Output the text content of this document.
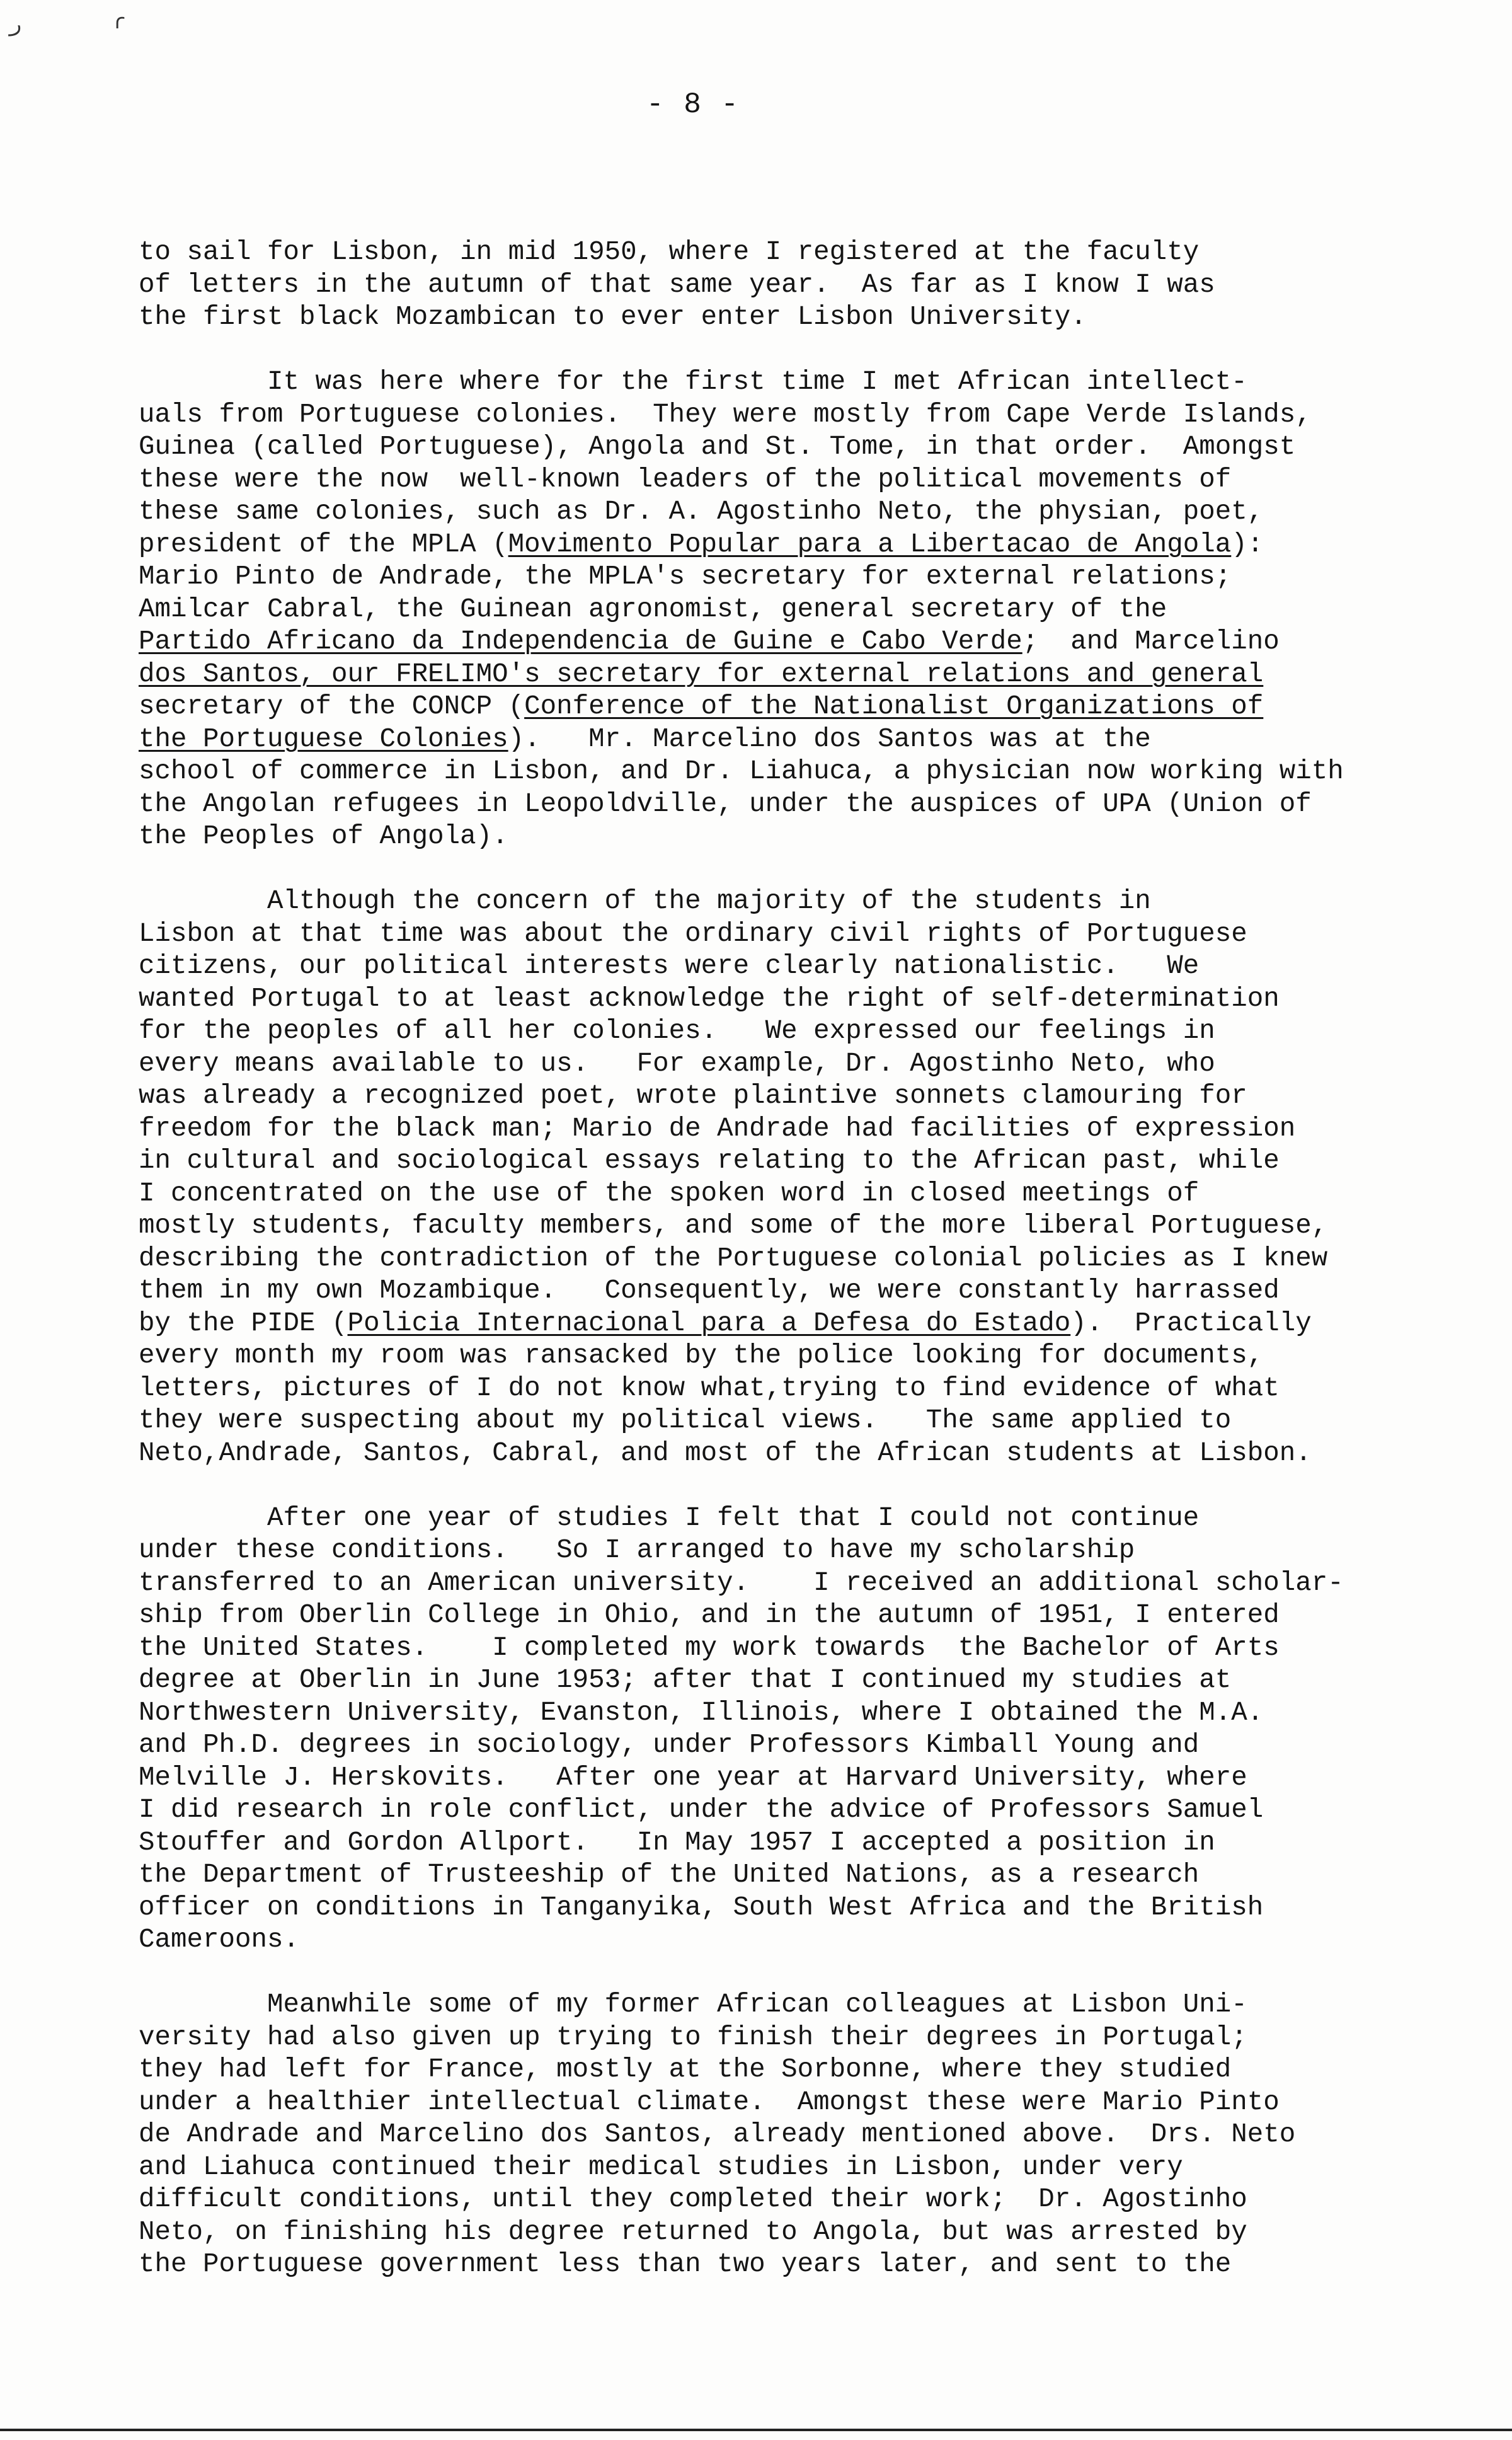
ر	ɾ
- 8 -
to sail for Lisbon, in mid 1950, where I registered at the faculty
of letters in the autumn of that same year.  As far as I know I was
the first black Mozambican to ever enter Lisbon University.
It was here where for the first time I met African intellect-
uals from Portuguese colonies.  They were mostly from Cape Verde Islands,
Guinea (called Portuguese), Angola and St. Tome, in that order.  Amongst
these were the now  well-known leaders of the political movements of
these same colonies, such as Dr. A. Agostinho Neto, the physian, poet,
president of the MPLA (Movimento Popular para a Libertacao de Angola):
Mario Pinto de Andrade, the MPLA's secretary for external relations;
Amilcar Cabral, the Guinean agronomist, general secretary of the
Partido Africano da Independencia de Guine e Cabo Verde;  and Marcelino
dos Santos, our FRELIMO's secretary for external relations and general
secretary of the CONCP (Conference of the Nationalist Organizations of
the Portuguese Colonies).   Mr. Marcelino dos Santos was at the
school of commerce in Lisbon, and Dr. Liahuca, a physician now working with
the Angolan refugees in Leopoldville, under the auspices of UPA (Union of
the Peoples of Angola).
Although the concern of the majority of the students in
Lisbon at that time was about the ordinary civil rights of Portuguese
citizens, our political interests were clearly nationalistic.   We
wanted Portugal to at least acknowledge the right of self-determination
for the peoples of all her colonies.   We expressed our feelings in
every means available to us.   For example, Dr. Agostinho Neto, who
was already a recognized poet, wrote plaintive sonnets clamouring for
freedom for the black man; Mario de Andrade had facilities of expression
in cultural and sociological essays relating to the African past, while
I concentrated on the use of the spoken word in closed meetings of
mostly students, faculty members, and some of the more liberal Portuguese,
describing the contradiction of the Portuguese colonial policies as I knew
them in my own Mozambique.   Consequently, we were constantly harrassed
by the PIDE (Policia Internacional para a Defesa do Estado).  Practically
every month my room was ransacked by the police looking for documents,
letters, pictures of I do not know what,trying to find evidence of what
they were suspecting about my political views.   The same applied to
Neto,Andrade, Santos, Cabral, and most of the African students at Lisbon.
After one year of studies I felt that I could not continue
under these conditions.   So I arranged to have my scholarship
transferred to an American university.    I received an additional scholar-
ship from Oberlin College in Ohio, and in the autumn of 1951, I entered
the United States.    I completed my work towards  the Bachelor of Arts
degree at Oberlin in June 1953; after that I continued my studies at
Northwestern University, Evanston, Illinois, where I obtained the M.A.
and Ph.D. degrees in sociology, under Professors Kimball Young and
Melville J. Herskovits.   After one year at Harvard University, where
I did research in role conflict, under the advice of Professors Samuel
Stouffer and Gordon Allport.   In May 1957 I accepted a position in
the Department of Trusteeship of the United Nations, as a research
officer on conditions in Tanganyika, South West Africa and the British
Cameroons.
Meanwhile some of my former African colleagues at Lisbon Uni-
versity had also given up trying to finish their degrees in Portugal;
they had left for France, mostly at the Sorbonne, where they studied
under a healthier intellectual climate.  Amongst these were Mario Pinto
de Andrade and Marcelino dos Santos, already mentioned above.  Drs. Neto
and Liahuca continued their medical studies in Lisbon, under very
difficult conditions, until they completed their work;  Dr. Agostinho
Neto, on finishing his degree returned to Angola, but was arrested by
the Portuguese government less than two years later, and sent to the
